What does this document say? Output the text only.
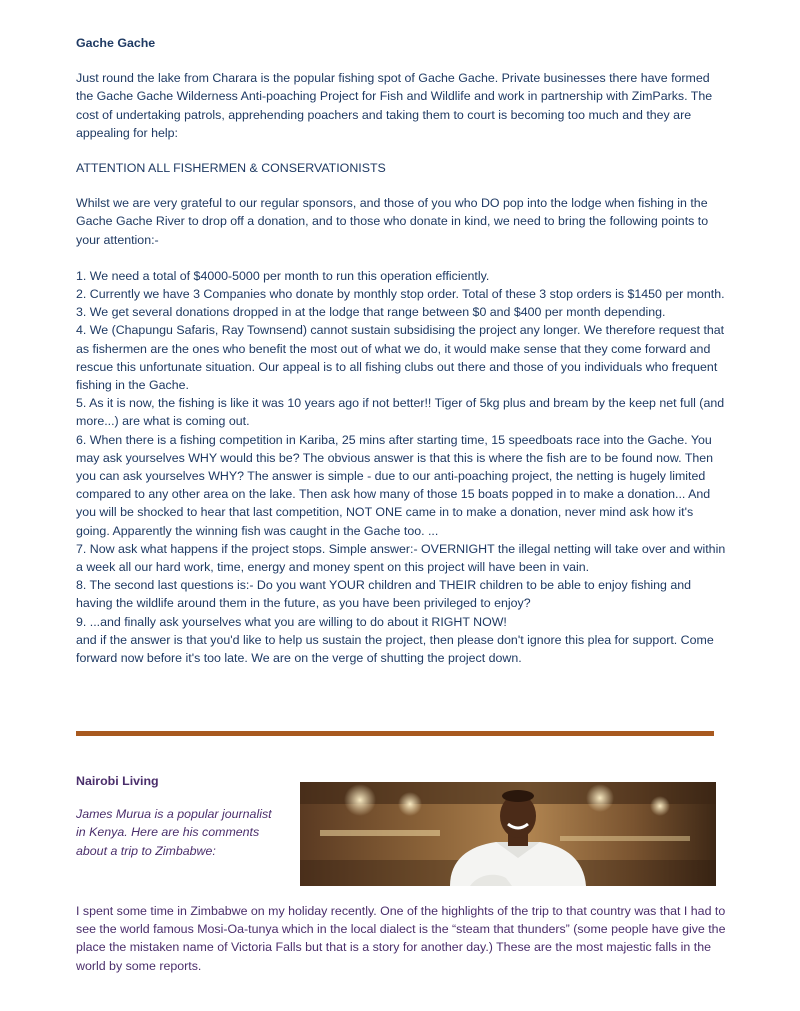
Gache Gache

Just round the lake from Charara is the popular fishing spot of Gache Gache. Private businesses there have formed the Gache Gache Wilderness Anti-poaching Project for Fish and Wildlife and work in partnership with ZimParks. The cost of undertaking patrols, apprehending poachers and taking them to court is becoming too much and they are appealing for help:

ATTENTION ALL FISHERMEN & CONSERVATIONISTS

Whilst we are very grateful to our regular sponsors, and those of you who DO pop into the lodge when fishing in the Gache Gache River to drop off a donation, and to those who donate in kind, we need to bring the following points to your attention:-

1. We need a total of $4000-5000 per month to run this operation efficiently.
2. Currently we have 3 Companies who donate by monthly stop order. Total of these 3 stop orders is $1450 per month.
3. We get several donations dropped in at the lodge that range between $0 and $400 per month depending.
4. We (Chapungu Safaris, Ray Townsend) cannot sustain subsidising the project any longer. We therefore request that as fishermen are the ones who benefit the most out of what we do, it would make sense that they come forward and rescue this unfortunate situation. Our appeal is to all fishing clubs out there and those of you individuals who frequent fishing in the Gache.
5. As it is now, the fishing is like it was 10 years ago if not better!! Tiger of 5kg plus and bream by the keep net full (and more...) are what is coming out.
6. When there is a fishing competition in Kariba, 25 mins after starting time, 15 speedboats race into the Gache. You may ask yourselves WHY would this be? The obvious answer is that this is where the fish are to be found now. Then you can ask yourselves WHY? The answer is simple - due to our anti-poaching project, the netting is hugely limited compared to any other area on the lake. Then ask how many of those 15 boats popped in to make a donation... And you will be shocked to hear that last competition, NOT ONE came in to make a donation, never mind ask how it's going. Apparently the winning fish was caught in the Gache too. ...
7. Now ask what happens if the project stops. Simple answer:- OVERNIGHT the illegal netting will take over and within a week all our hard work, time, energy and money spent on this project will have been in vain.
8. The second last questions is:- Do you want YOUR children and THEIR children to be able to enjoy fishing and having the wildlife around them in the future, as you have been privileged to enjoy?
9. ...and finally ask yourselves what you are willing to do about it RIGHT NOW!

and if the answer is that you'd like to help us sustain the project, then please don't ignore this plea for support. Come forward now before it's too late. We are on the verge of shutting the project down.

Nairobi Living

James Murua is a popular journalist in Kenya. Here are his comments about a trip to Zimbabwe:

I spent some time in Zimbabwe on my holiday recently. One of the highlights of the trip to that country was that I had to see the world famous Mosi-Oa-tunya which in the local dialect is the “steam that thunders” (some people have give the place the mistaken name of Victoria Falls but that is a story for another day.) These are the most majestic falls in the world by some reports.
